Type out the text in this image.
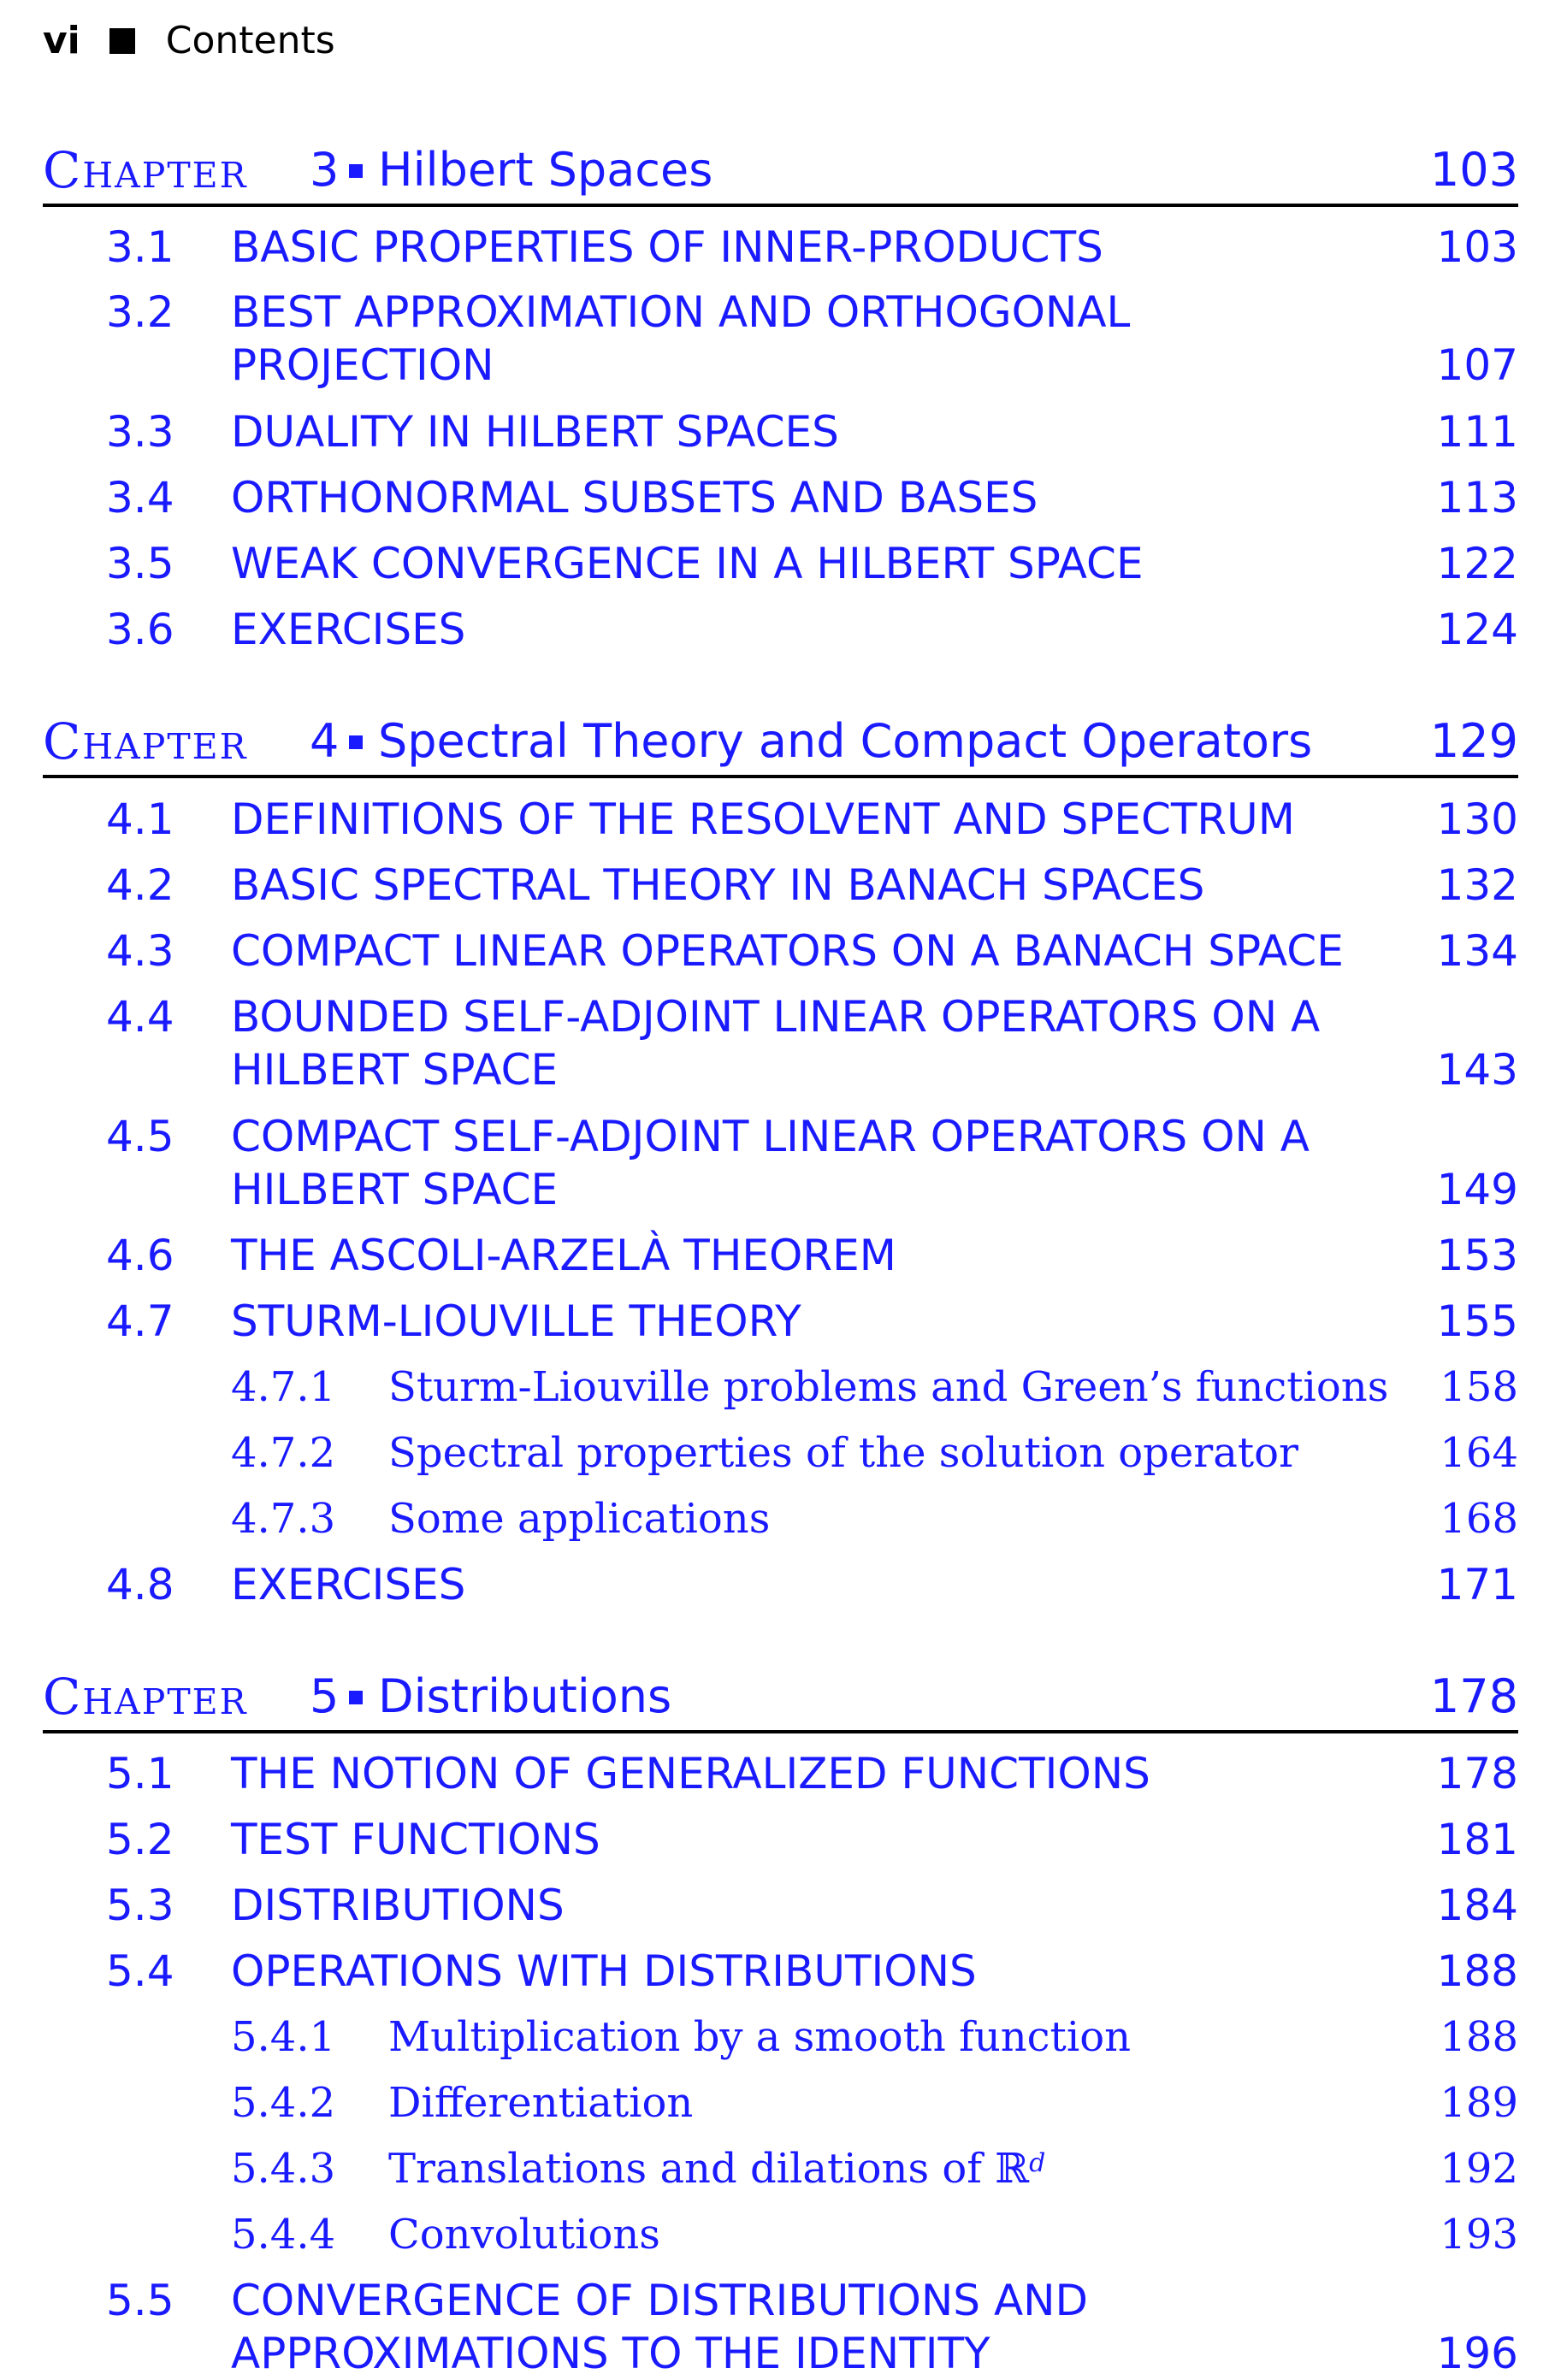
vi Contents
Chapter 3 Hilbert Spaces	103
3.1 BASIC PROPERTIES OF INNER-PRODUCTS	103
3.2 BEST APPROXIMATION AND ORTHOGONAL
PROJECTION	107
3.3 DUALITY IN HILBERT SPACES	111
3.4 ORTHONORMAL SUBSETS AND BASES	113
3.5 WEAK CONVERGENCE IN A HILBERT SPACE	122
3.6 EXERCISES	124
Chapter 4 Spectral Theory and Compact Operators	129
4.1 DEFINITIONS OF THE RESOLVENT AND SPECTRUM	130
4.2 BASIC SPECTRAL THEORY IN BANACH SPACES	132
4.3 COMPACT LINEAR OPERATORS ON A BANACH SPACE 134
4.4 BOUNDED SELF-ADJOINT LINEAR OPERATORS ON A
HILBERT SPACE	143
4.5 COMPACT SELF-ADJOINT LINEAR OPERATORS ON A
HILBERT SPACE	149
4.6 THE ASCOLI-ARZELÀ THEOREM	153
4.7 STURM-LIOUVILLE THEORY	155
4.7.1 Sturm-Liouville problems and Green’s functions 158
4.7.2 Spectral properties of the solution operator	164
4.7.3 Some applications	168
4.8 EXERCISES	171
Chapter 5 Distributions	178
5.1 THE NOTION OF GENERALIZED FUNCTIONS	178
5.2 TEST FUNCTIONS	181
5.3 DISTRIBUTIONS	184
5.4 OPERATIONS WITH DISTRIBUTIONS	188
5.4.1 Multiplication by a smooth function	188
5.4.2 Differentiation	189
5.4.3 Translations and dilations of ℝ$^d$	192
5.4.4 Convolutions	193
5.5 CONVERGENCE OF DISTRIBUTIONS AND
APPROXIMATIONS TO THE IDENTITY	196
